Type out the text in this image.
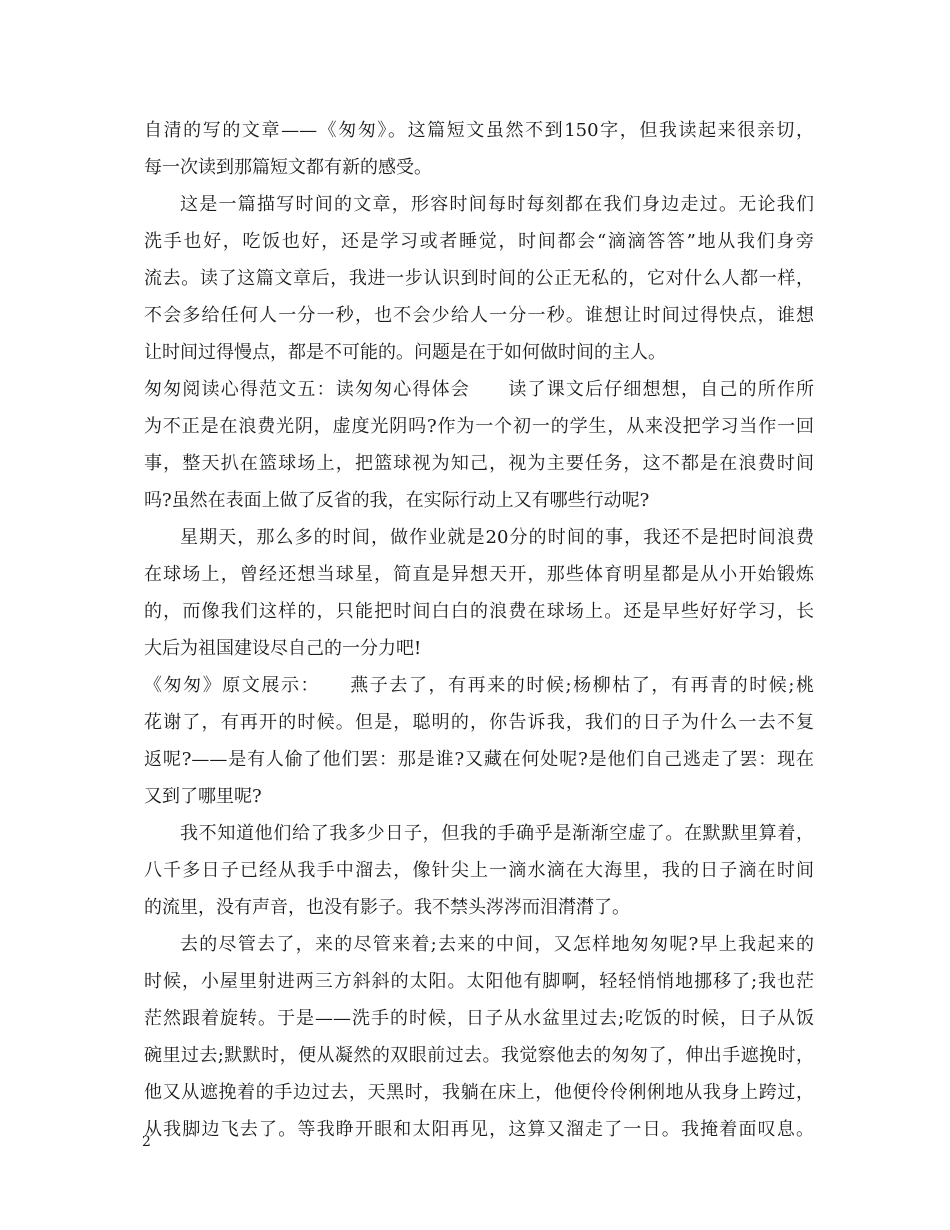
自清的写的文章——《匆匆》。这篇短文虽然不到150字，但我读起来很亲切，
每一次读到那篇短文都有新的感受。
这是一篇描写时间的文章，形容时间每时每刻都在我们身边走过。无论我们
洗手也好，吃饭也好，还是学习或者睡觉，时间都会“滴滴答答”地从我们身旁
流去。读了这篇文章后，我进一步认识到时间的公正无私的，它对什么人都一样，
不会多给任何人一分一秒，也不会少给人一分一秒。谁想让时间过得快点，谁想
让时间过得慢点，都是不可能的。问题是在于如何做时间的主人。
匆匆阅读心得范文五：读匆匆心得体会　　读了课文后仔细想想，自己的所作所
为不正是在浪费光阴，虚度光阴吗?作为一个初一的学生，从来没把学习当作一回
事，整天扒在篮球场上，把篮球视为知己，视为主要任务，这不都是在浪费时间
吗?虽然在表面上做了反省的我，在实际行动上又有哪些行动呢?
星期天，那么多的时间，做作业就是20分的时间的事，我还不是把时间浪费
在球场上，曾经还想当球星，简直是异想天开，那些体育明星都是从小开始锻炼
的，而像我们这样的，只能把时间白白的浪费在球场上。还是早些好好学习，长
大后为祖国建设尽自己的一分力吧!
《匆匆》原文展示：　　燕子去了，有再来的时候;杨柳枯了，有再青的时候;桃
花谢了，有再开的时候。但是，聪明的，你告诉我，我们的日子为什么一去不复
返呢?——是有人偷了他们罢：那是谁?又藏在何处呢?是他们自己逃走了罢：现在
又到了哪里呢?
我不知道他们给了我多少日子，但我的手确乎是渐渐空虚了。在默默里算着，
八千多日子已经从我手中溜去，像针尖上一滴水滴在大海里，我的日子滴在时间
的流里，没有声音，也没有影子。我不禁头涔涔而泪潸潸了。
去的尽管去了，来的尽管来着;去来的中间，又怎样地匆匆呢?早上我起来的
时候，小屋里射进两三方斜斜的太阳。太阳他有脚啊，轻轻悄悄地挪移了;我也茫
茫然跟着旋转。于是——洗手的时候，日子从水盆里过去;吃饭的时候，日子从饭
碗里过去;默默时，便从凝然的双眼前过去。我觉察他去的匆匆了，伸出手遮挽时，
他又从遮挽着的手边过去，天黑时，我躺在床上，他便伶伶俐俐地从我身上跨过，
从我脚边飞去了。等我睁开眼和太阳再见，这算又溜走了一日。我掩着面叹息。
2
